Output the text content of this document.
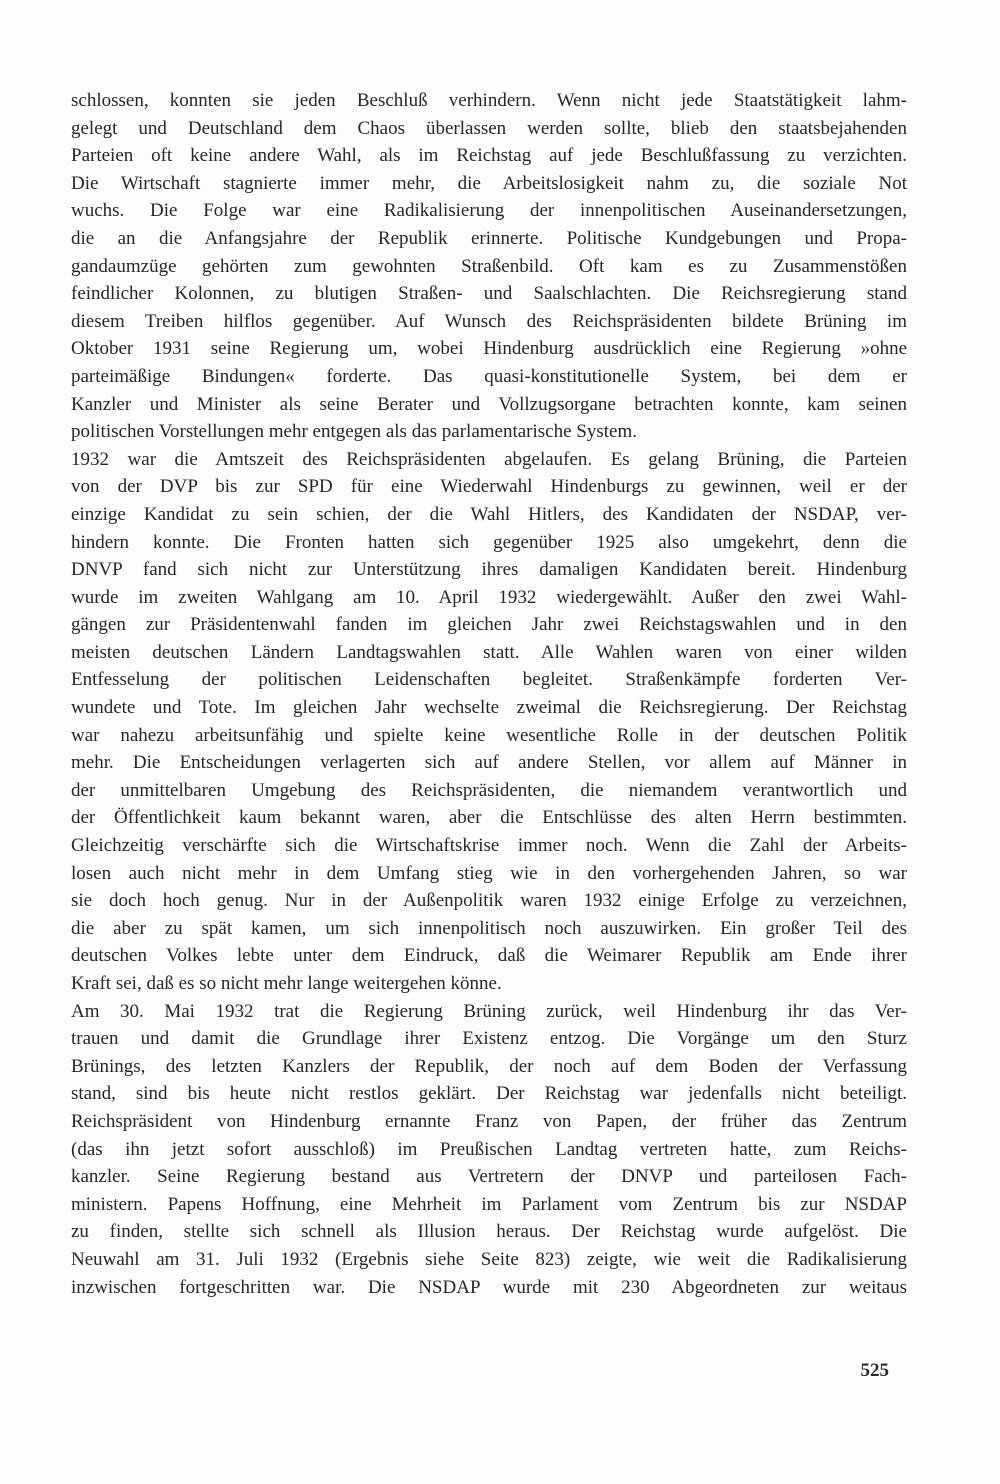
schlossen, konnten sie jeden Beschluß verhindern. Wenn nicht jede Staatstätigkeit lahm-
gelegt und Deutschland dem Chaos überlassen werden sollte, blieb den staatsbejahenden
Parteien oft keine andere Wahl, als im Reichstag auf jede Beschlußfassung zu verzichten.
Die Wirtschaft stagnierte immer mehr, die Arbeitslosigkeit nahm zu, die soziale Not
wuchs. Die Folge war eine Radikalisierung der innenpolitischen Auseinandersetzungen,
die an die Anfangsjahre der Republik erinnerte. Politische Kundgebungen und Propa-
gandaumzüge gehörten zum gewohnten Straßenbild. Oft kam es zu Zusammenstößen
feindlicher Kolonnen, zu blutigen Straßen- und Saalschlachten. Die Reichsregierung stand
diesem Treiben hilflos gegenüber. Auf Wunsch des Reichspräsidenten bildete Brüning im
Oktober 1931 seine Regierung um, wobei Hindenburg ausdrücklich eine Regierung »ohne
parteimäßige Bindungen« forderte. Das quasi-konstitutionelle System, bei dem er
Kanzler und Minister als seine Berater und Vollzugsorgane betrachten konnte, kam seinen
politischen Vorstellungen mehr entgegen als das parlamentarische System.
1932 war die Amtszeit des Reichspräsidenten abgelaufen. Es gelang Brüning, die Parteien
von der DVP bis zur SPD für eine Wiederwahl Hindenburgs zu gewinnen, weil er der
einzige Kandidat zu sein schien, der die Wahl Hitlers, des Kandidaten der NSDAP, ver-
hindern konnte. Die Fronten hatten sich gegenüber 1925 also umgekehrt, denn die
DNVP fand sich nicht zur Unterstützung ihres damaligen Kandidaten bereit. Hindenburg
wurde im zweiten Wahlgang am 10. April 1932 wiedergewählt. Außer den zwei Wahl-
gängen zur Präsidentenwahl fanden im gleichen Jahr zwei Reichstagswahlen und in den
meisten deutschen Ländern Landtagswahlen statt. Alle Wahlen waren von einer wilden
Entfesselung der politischen Leidenschaften begleitet. Straßenkämpfe forderten Ver-
wundete und Tote. Im gleichen Jahr wechselte zweimal die Reichsregierung. Der Reichstag
war nahezu arbeitsunfähig und spielte keine wesentliche Rolle in der deutschen Politik
mehr. Die Entscheidungen verlagerten sich auf andere Stellen, vor allem auf Männer in
der unmittelbaren Umgebung des Reichspräsidenten, die niemandem verantwortlich und
der Öffentlichkeit kaum bekannt waren, aber die Entschlüsse des alten Herrn bestimmten.
Gleichzeitig verschärfte sich die Wirtschaftskrise immer noch. Wenn die Zahl der Arbeits-
losen auch nicht mehr in dem Umfang stieg wie in den vorhergehenden Jahren, so war
sie doch hoch genug. Nur in der Außenpolitik waren 1932 einige Erfolge zu verzeichnen,
die aber zu spät kamen, um sich innenpolitisch noch auszuwirken. Ein großer Teil des
deutschen Volkes lebte unter dem Eindruck, daß die Weimarer Republik am Ende ihrer
Kraft sei, daß es so nicht mehr lange weitergehen könne.
Am 30. Mai 1932 trat die Regierung Brüning zurück, weil Hindenburg ihr das Ver-
trauen und damit die Grundlage ihrer Existenz entzog. Die Vorgänge um den Sturz
Brünings, des letzten Kanzlers der Republik, der noch auf dem Boden der Verfassung
stand, sind bis heute nicht restlos geklärt. Der Reichstag war jedenfalls nicht beteiligt.
Reichspräsident von Hindenburg ernannte Franz von Papen, der früher das Zentrum
(das ihn jetzt sofort ausschloß) im Preußischen Landtag vertreten hatte, zum Reichs-
kanzler. Seine Regierung bestand aus Vertretern der DNVP und parteilosen Fach-
ministern. Papens Hoffnung, eine Mehrheit im Parlament vom Zentrum bis zur NSDAP
zu finden, stellte sich schnell als Illusion heraus. Der Reichstag wurde aufgelöst. Die
Neuwahl am 31. Juli 1932 (Ergebnis siehe Seite 823) zeigte, wie weit die Radikalisierung
inzwischen fortgeschritten war. Die NSDAP wurde mit 230 Abgeordneten zur weitaus
525
